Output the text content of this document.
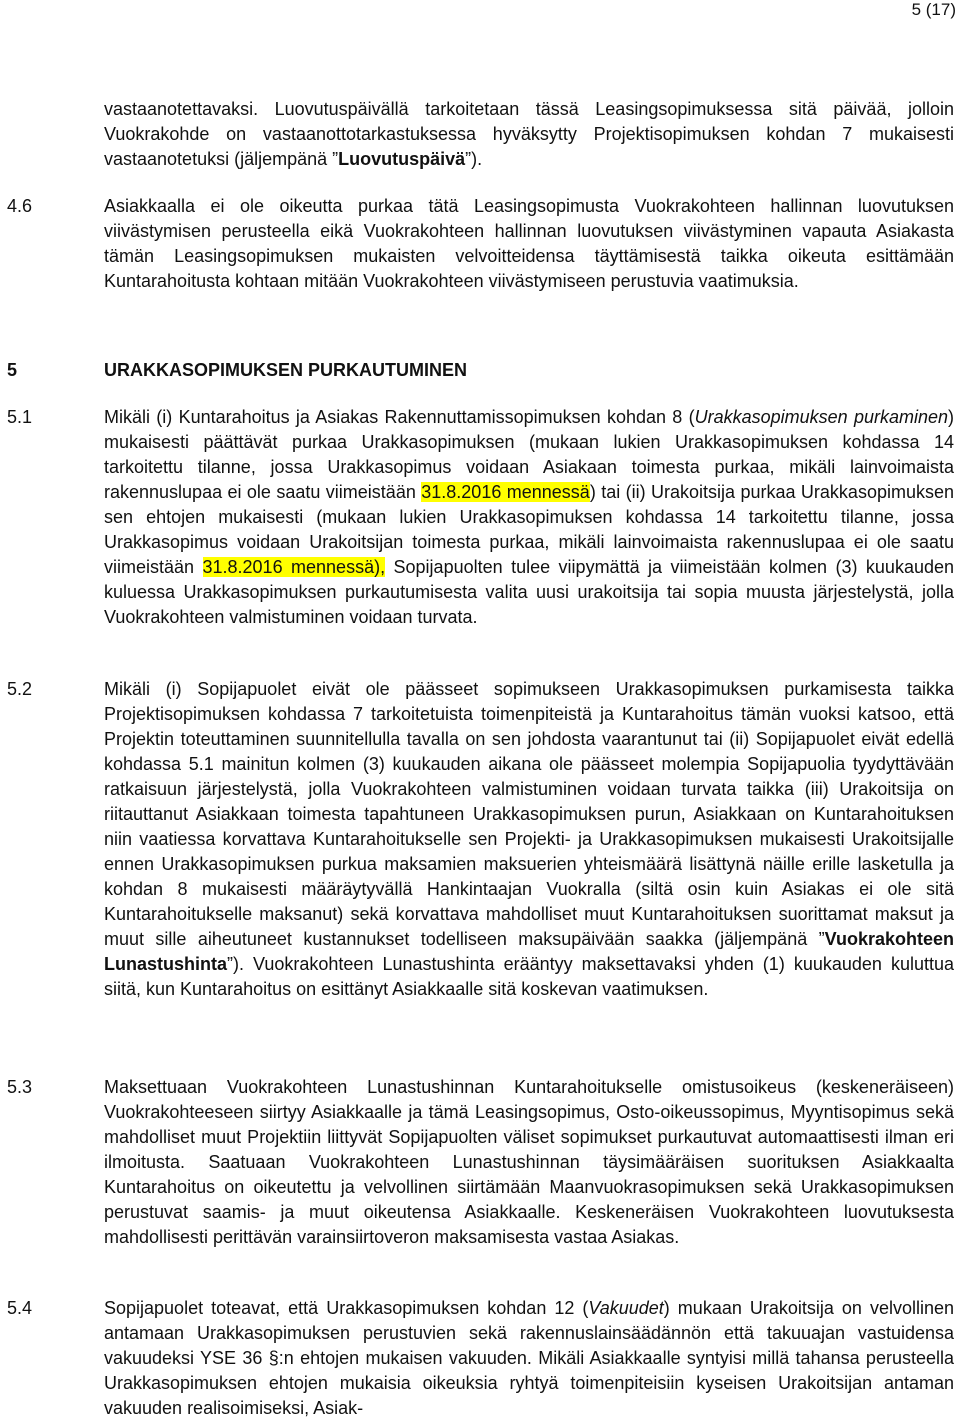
5 (17)
vastaanotettavaksi. Luovutuspäivällä tarkoitetaan tässä Leasingsopimuksessa sitä päivää, jolloin Vuokrakohde on vastaanottotarkastuksessa hyväksytty Projektisopimuksen kohdan 7 mukaisesti vastaanotetuksi (jäljempänä ”Luovutuspäivä”).
4.6	Asiakkaalla ei ole oikeutta purkaa tätä Leasingsopimusta Vuokrakohteen hallinnan luovutuksen viivästymisen perusteella eikä Vuokrakohteen hallinnan luovutuksen viivästyminen vapauta Asiakasta tämän Leasingsopimuksen mukaisten velvoitteidensa täyttämisestä taikka oikeuta esittämään Kuntarahoitusta kohtaan mitään Vuokrakohteen viivästymiseen perustuvia vaatimuksia.
5	URAKKASOPIMUKSEN PURKAUTUMINEN
5.1	Mikäli (i) Kuntarahoitus ja Asiakas Rakennuttamissopimuksen kohdan 8 (Urakkasopimuksen purkaminen) mukaisesti päättävät purkaa Urakkasopimuksen (mukaan lukien Urakkasopimuksen kohdassa 14 tarkoitettu tilanne, jossa Urakkasopimus voidaan Asiakaan toimesta purkaa, mikäli lainvoimaista rakennuslupaa ei ole saatu viimeistään 31.8.2016 mennessä) tai (ii) Urakoitsija purkaa Urakkasopimuksen sen ehtojen mukaisesti (mukaan lukien Urakkasopimuksen kohdassa 14 tarkoitettu tilanne, jossa Urakkasopimus voidaan Urakoitsijan toimesta purkaa, mikäli lainvoimaista rakennuslupaa ei ole saatu viimeistään 31.8.2016 mennessä), Sopijapuolten tulee viipymättä ja viimeistään kolmen (3) kuukauden kuluessa Urakkasopimuksen purkautumisesta valita uusi urakoitsija tai sopia muusta järjestelystä, jolla Vuokrakohteen valmistuminen voidaan turvata.
5.2	Mikäli (i) Sopijapuolet eivät ole päässeet sopimukseen Urakkasopimuksen purkamisesta taikka Projektisopimuksen kohdassa 7 tarkoitetuista toimenpiteistä ja Kuntarahoitus tämän vuoksi katsoo, että Projektin toteuttaminen suunnitellulla tavalla on sen johdosta vaarantunut tai (ii) Sopijapuolet eivät edellä kohdassa 5.1 mainitun kolmen (3) kuukauden aikana ole päässeet molempia Sopijapuolia tyydyttävään ratkaisuun järjestelystä, jolla Vuokrakohteen valmistuminen voidaan turvata taikka (iii) Urakoitsija on riitauttanut Asiakkaan toimesta tapahtuneen Urakkasopimuksen purun, Asiakkaan on Kuntarahoituksen niin vaatiessa korvattava Kuntarahoitukselle sen Projekti- ja Urakkasopimuksen mukaisesti Urakoitsijalle ennen Urakkasopimuksen purkua maksamien maksuerien yhteismäärä lisättynä näille erille lasketulla ja kohdan 8 mukaisesti määräytyvällä Hankintaajan Vuokralla (siltä osin kuin Asiakas ei ole sitä Kuntarahoitukselle maksanut) sekä korvattava mahdolliset muut Kuntarahoituksen suorittamat maksut ja muut sille aiheutuneet kustannukset todelliseen maksupäivään saakka (jäljempänä ”Vuokrakohteen Lunastushinta”). Vuokrakohteen Lunastushinta erääntyy maksettavaksi yhden (1) kuukauden kuluttua siitä, kun Kuntarahoitus on esittänyt Asiakkaalle sitä koskevan vaatimuksen.
5.3	Maksettuaan Vuokrakohteen Lunastushinnan Kuntarahoitukselle omistusoikeus (keskeneräiseen) Vuokrakohteeseen siirtyy Asiakkaalle ja tämä Leasingsopimus, Osto-oikeussopimus, Myyntisopimus sekä mahdolliset muut Projektiin liittyvät Sopijapuolten väliset sopimukset purkautuvat automaattisesti ilman eri ilmoitusta. Saatuaan Vuokrakohteen Lunastushinnan täysimääräisen suorituksen Asiakkaalta Kuntarahoitus on oikeutettu ja velvollinen siirtämään Maanvuokrasopimuksen sekä Urakkasopimuksen perustuvat saamis- ja muut oikeutensa Asiakkaalle. Keskeneräisen Vuokrakohteen luovutuksesta mahdollisesti perittävän varainsiirtoveron maksamisesta vastaa Asiakas.
5.4	Sopijapuolet toteavat, että Urakkasopimuksen kohdan 12 (Vakuudet) mukaan Urakoitsija on velvollinen antamaan Urakkasopimuksen perustuvien sekä rakennuslainsäädännön että takuuajan vastuidensa vakuudeksi YSE 36 §:n ehtojen mukaisen vakuuden. Mikäli Asiakkaalle syntyisi millä tahansa perusteella Urakkasopimuksen ehtojen mukaisia oikeuksia ryhtyä toimenpiteisiin kyseisen Urakoitsijan antaman vakuuden realisoimiseksi, Asiak-
